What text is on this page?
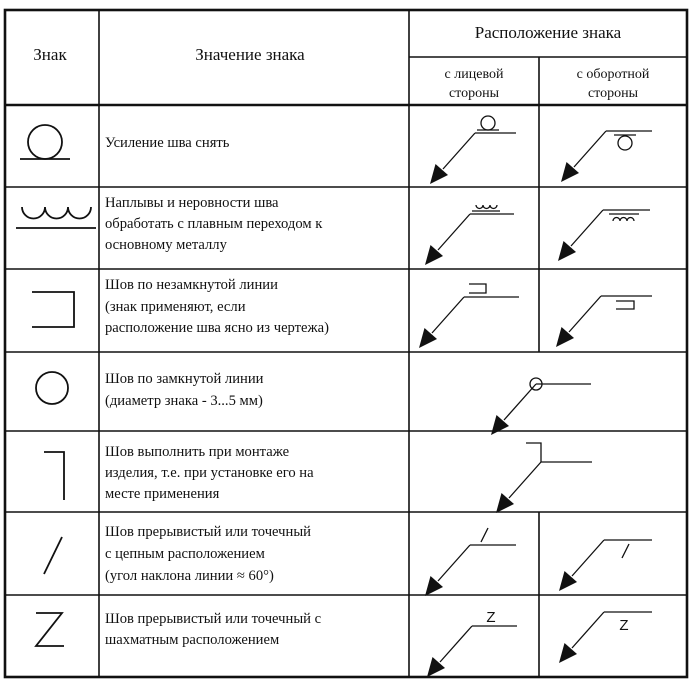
Знак	Значение знака
Расположение знака
с лицевой
стороны
с оборотной
стороны
Усиление шва снять
Наплывы и неровности шва
обработать с плавным переходом к
основному металлу
Шов по незамкнутой линии
(знак применяют, если
расположение шва ясно из чертежа)
Шов по замкнутой линии
(диаметр знака - 3...5 мм)
Шов выполнить при монтаже
изделия, т.е. при установке его на
месте применения
Шов прерывистый или точечный
с цепным расположением
(угол наклона линии ≈ 60°)
Шов прерывистый или точечный с
шахматным расположением
Z	Z
